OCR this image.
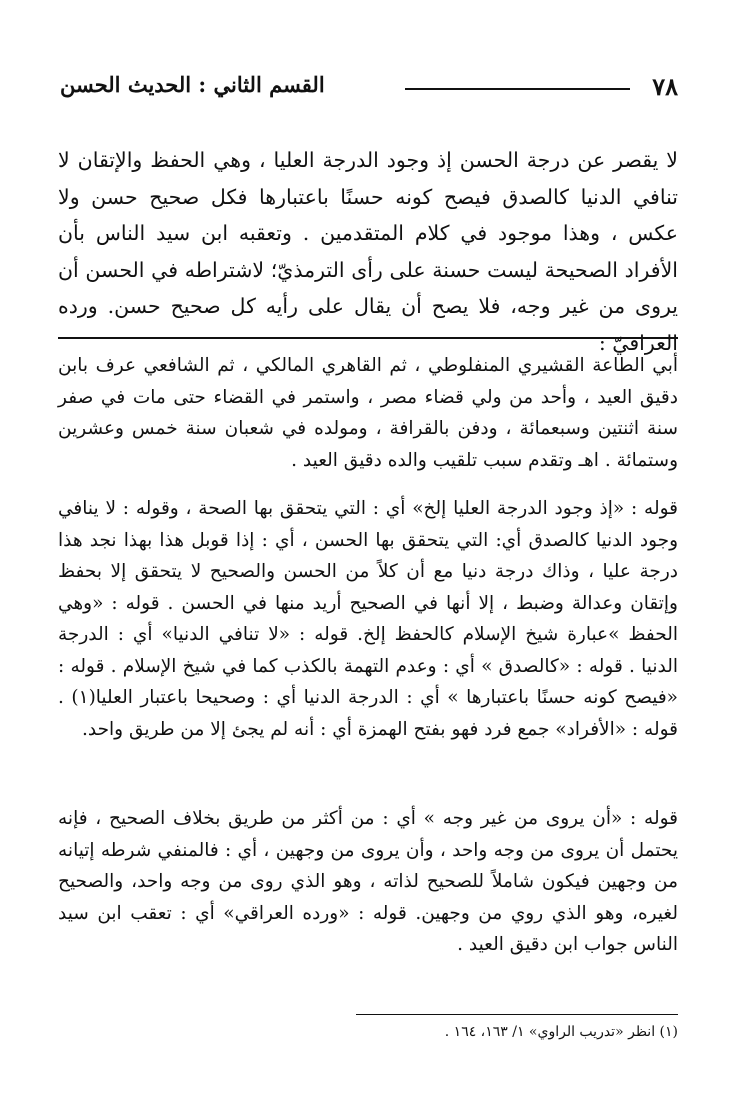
٧٨
القسم الثاني : الحديث الحسن

لا يقصر عن درجة الحسن إذ وجود الدرجة العليا ، وهي الحفظ والإتقان لا تنافي الدنيا كالصدق فيصح كونه حسنًا باعتبارها فكل صحيح حسن ولا عكس ، وهذا موجود في كلام المتقدمين . وتعقبه ابن سيد الناس بأن الأفراد الصحيحة ليست حسنة على رأى الترمذيّ؛ لاشتراطه في الحسن أن يروى من غير وجه، فلا يصح أن يقال على رأيه كل صحيح حسن. ورده العراقيّ :

أبي الطاعة القشيري المنفلوطي ، ثم القاهري المالكي ، ثم الشافعي عرف بابن دقيق العيد ، وأحد من ولي قضاء مصر ، واستمر في القضاء حتى مات في صفر سنة اثنتين وسبعمائة ، ودفن بالقرافة ، ومولده في شعبان سنة خمس وعشرين وستمائة . اهـ وتقدم سبب تلقيب والده دقيق العيد .

قوله : «إذ وجود الدرجة العليا إلخ» أي : التي يتحقق بها الصحة ، وقوله : لا ينافي وجود الدنيا كالصدق أي: التي يتحقق بها الحسن ، أي : إذا قوبل هذا بهذا نجد هذا درجة عليا ، وذاك درجة دنيا مع أن كلاً من الحسن والصحيح لا يتحقق إلا بحفظ وإتقان وعدالة وضبط ، إلا أنها في الصحيح أريد منها في الحسن . قوله : «وهي الحفظ »عبارة شيخ الإسلام كالحفظ إلخ. قوله : «لا تنافي الدنيا» أي : الدرجة الدنيا . قوله : «كالصدق » أي : وعدم التهمة بالكذب كما في شيخ الإسلام . قوله : «فيصح كونه حسنًا باعتبارها » أي : الدرجة الدنيا أي : وصحيحا باعتبار العليا(١) . قوله : «الأفراد» جمع فرد فهو بفتح الهمزة أي : أنه لم يجئ إلا من طريق واحد.

قوله : «أن يروى من غير وجه » أي : من أكثر من طريق بخلاف الصحيح ، فإنه يحتمل أن يروى من وجه واحد ، وأن يروى من وجهين ، أي : فالمنفي شرطه إتيانه من وجهين فيكون شاملاً للصحيح لذاته ، وهو الذي روى من وجه واحد، والصحيح لغيره، وهو الذي روي من وجهين. قوله : «ورده العراقي» أي : تعقب ابن سيد الناس جواب ابن دقيق العيد .

(١) انظر «تدريب الراوي» ١/ ١٦٣، ١٦٤ .
